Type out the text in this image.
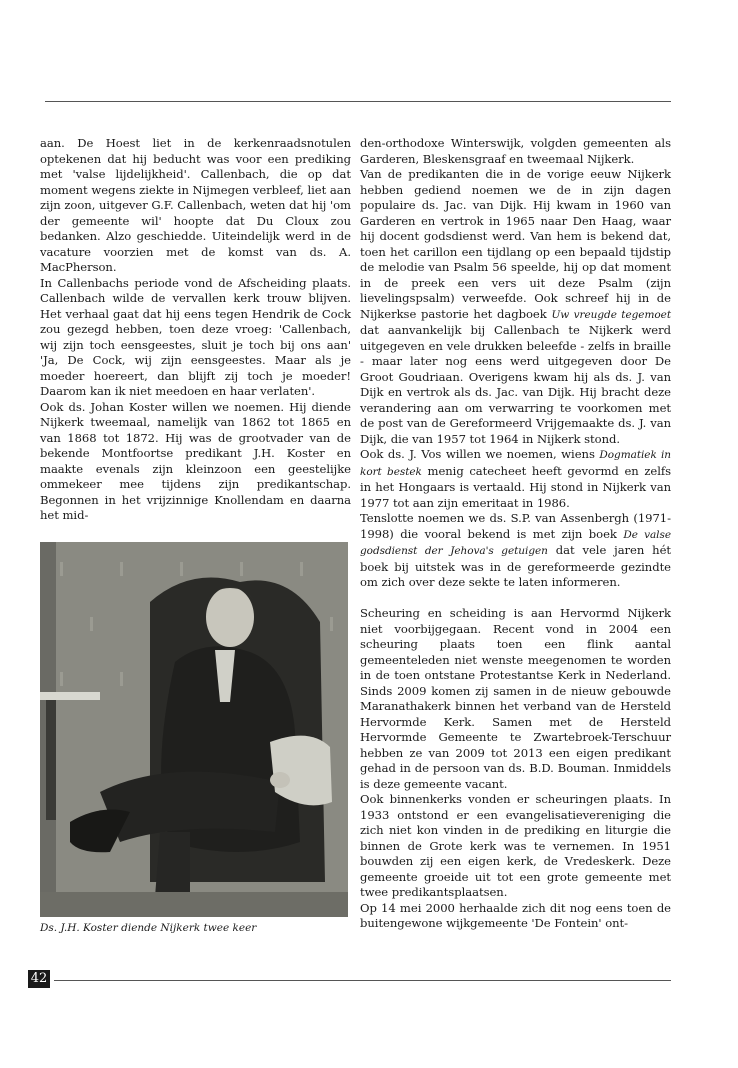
aan. De Hoest liet in de kerkenraadsnotulen optekenen dat hij beducht was voor een prediking met 'valse lijdelijkheid'. Callenbach, die op dat moment wegens ziekte in Nijmegen verbleef, liet aan zijn zoon, uitgever G.F. Callenbach, weten dat hij 'om der gemeente wil' hoopte dat Du Cloux zou bedanken. Alzo geschiedde. Uiteindelijk werd in de vacature voorzien met de komst van ds. A. MacPherson.

In Callenbachs periode vond de Afscheiding plaats. Callenbach wilde de vervallen kerk trouw blijven. Het verhaal gaat dat hij eens tegen Hendrik de Cock zou gezegd hebben, toen deze vroeg: 'Callenbach, wij zijn toch eensgeestes, sluit je toch bij ons aan' 'Ja, De Cock, wij zijn eensgeestes. Maar als je moeder hoereert, dan blijft zij toch je moeder! Daarom kan ik niet meedoen en haar verlaten'.

Ook ds. Johan Koster willen we noemen. Hij diende Nijkerk tweemaal, namelijk van 1862 tot 1865 en van 1868 tot 1872. Hij was de grootvader van de bekende Montfoortse predikant J.H. Koster en maakte evenals zijn kleinzoon een geestelijke ommekeer mee tijdens zijn predikantschap. Begonnen in het vrijzinnige Knollendam en daarna het mid-

den-orthodoxe Winterswijk, volgden gemeenten als Garderen, Bleskensgraaf en tweemaal Nijkerk.

Van de predikanten die in de vorige eeuw Nijkerk hebben gediend noemen we de in zijn dagen populaire ds. Jac. van Dijk. Hij kwam in 1960 van Garderen en vertrok in 1965 naar Den Haag, waar hij docent godsdienst werd. Van hem is bekend dat, toen het carillon een tijdlang op een bepaald tijdstip de melodie van Psalm 56 speelde, hij op dat moment in de preek een vers uit deze Psalm (zijn lievelingspsalm) verweefde. Ook schreef hij in de Nijkerkse pastorie het dagboek Uw vreugde tegemoet dat aanvankelijk bij Callenbach te Nijkerk werd uitgegeven en vele drukken beleefde - zelfs in braille - maar later nog eens werd uitgegeven door De Groot Goudriaan. Overigens kwam hij als ds. J. van Dijk en vertrok als ds. Jac. van Dijk. Hij bracht deze verandering aan om verwarring te voorkomen met de post van de Gereformeerd Vrijgemaakte ds. J. van Dijk, die van 1957 tot 1964 in Nijkerk stond.

Ook ds. J. Vos willen we noemen, wiens Dogmatiek in kort bestek menig catecheet heeft gevormd en zelfs in het Hongaars is vertaald. Hij stond in Nijkerk van 1977 tot aan zijn emeritaat in 1986.

Tenslotte noemen we ds. S.P. van Assenbergh (1971-1998) die vooral bekend is met zijn boek De valse godsdienst der Jehova's getuigen dat vele jaren hét boek bij uitstek was in de gereformeerde gezindte om zich over deze sekte te laten informeren.

Scheuring en scheiding is aan Hervormd Nijkerk niet voorbijgegaan. Recent vond in 2004 een scheuring plaats toen een flink aantal gemeenteleden niet wenste meegenomen te worden in de toen ontstane Protestantse Kerk in Nederland. Sinds 2009 komen zij samen in de nieuw gebouwde Maranathakerk binnen het verband van de Hersteld Hervormde Kerk. Samen met de Hersteld Hervormde Gemeente te Zwartebroek-Terschuur hebben ze van 2009 tot 2013 een eigen predikant gehad in de persoon van ds. B.D. Bouman. Inmiddels is deze gemeente vacant.

Ook binnenkerks vonden er scheuringen plaats. In 1933 ontstond er een evangelisatievereniging die zich niet kon vinden in de prediking en liturgie die binnen de Grote kerk was te vernemen. In 1951 bouwden zij een eigen kerk, de Vredeskerk. Deze gemeente groeide uit tot een grote gemeente met twee predikantsplaatsen.

Op 14 mei 2000 herhaalde zich dit nog eens toen de buitengewone wijkgemeente 'De Fontein' ont-

Ds. J.H. Koster diende Nijkerk twee keer
42
